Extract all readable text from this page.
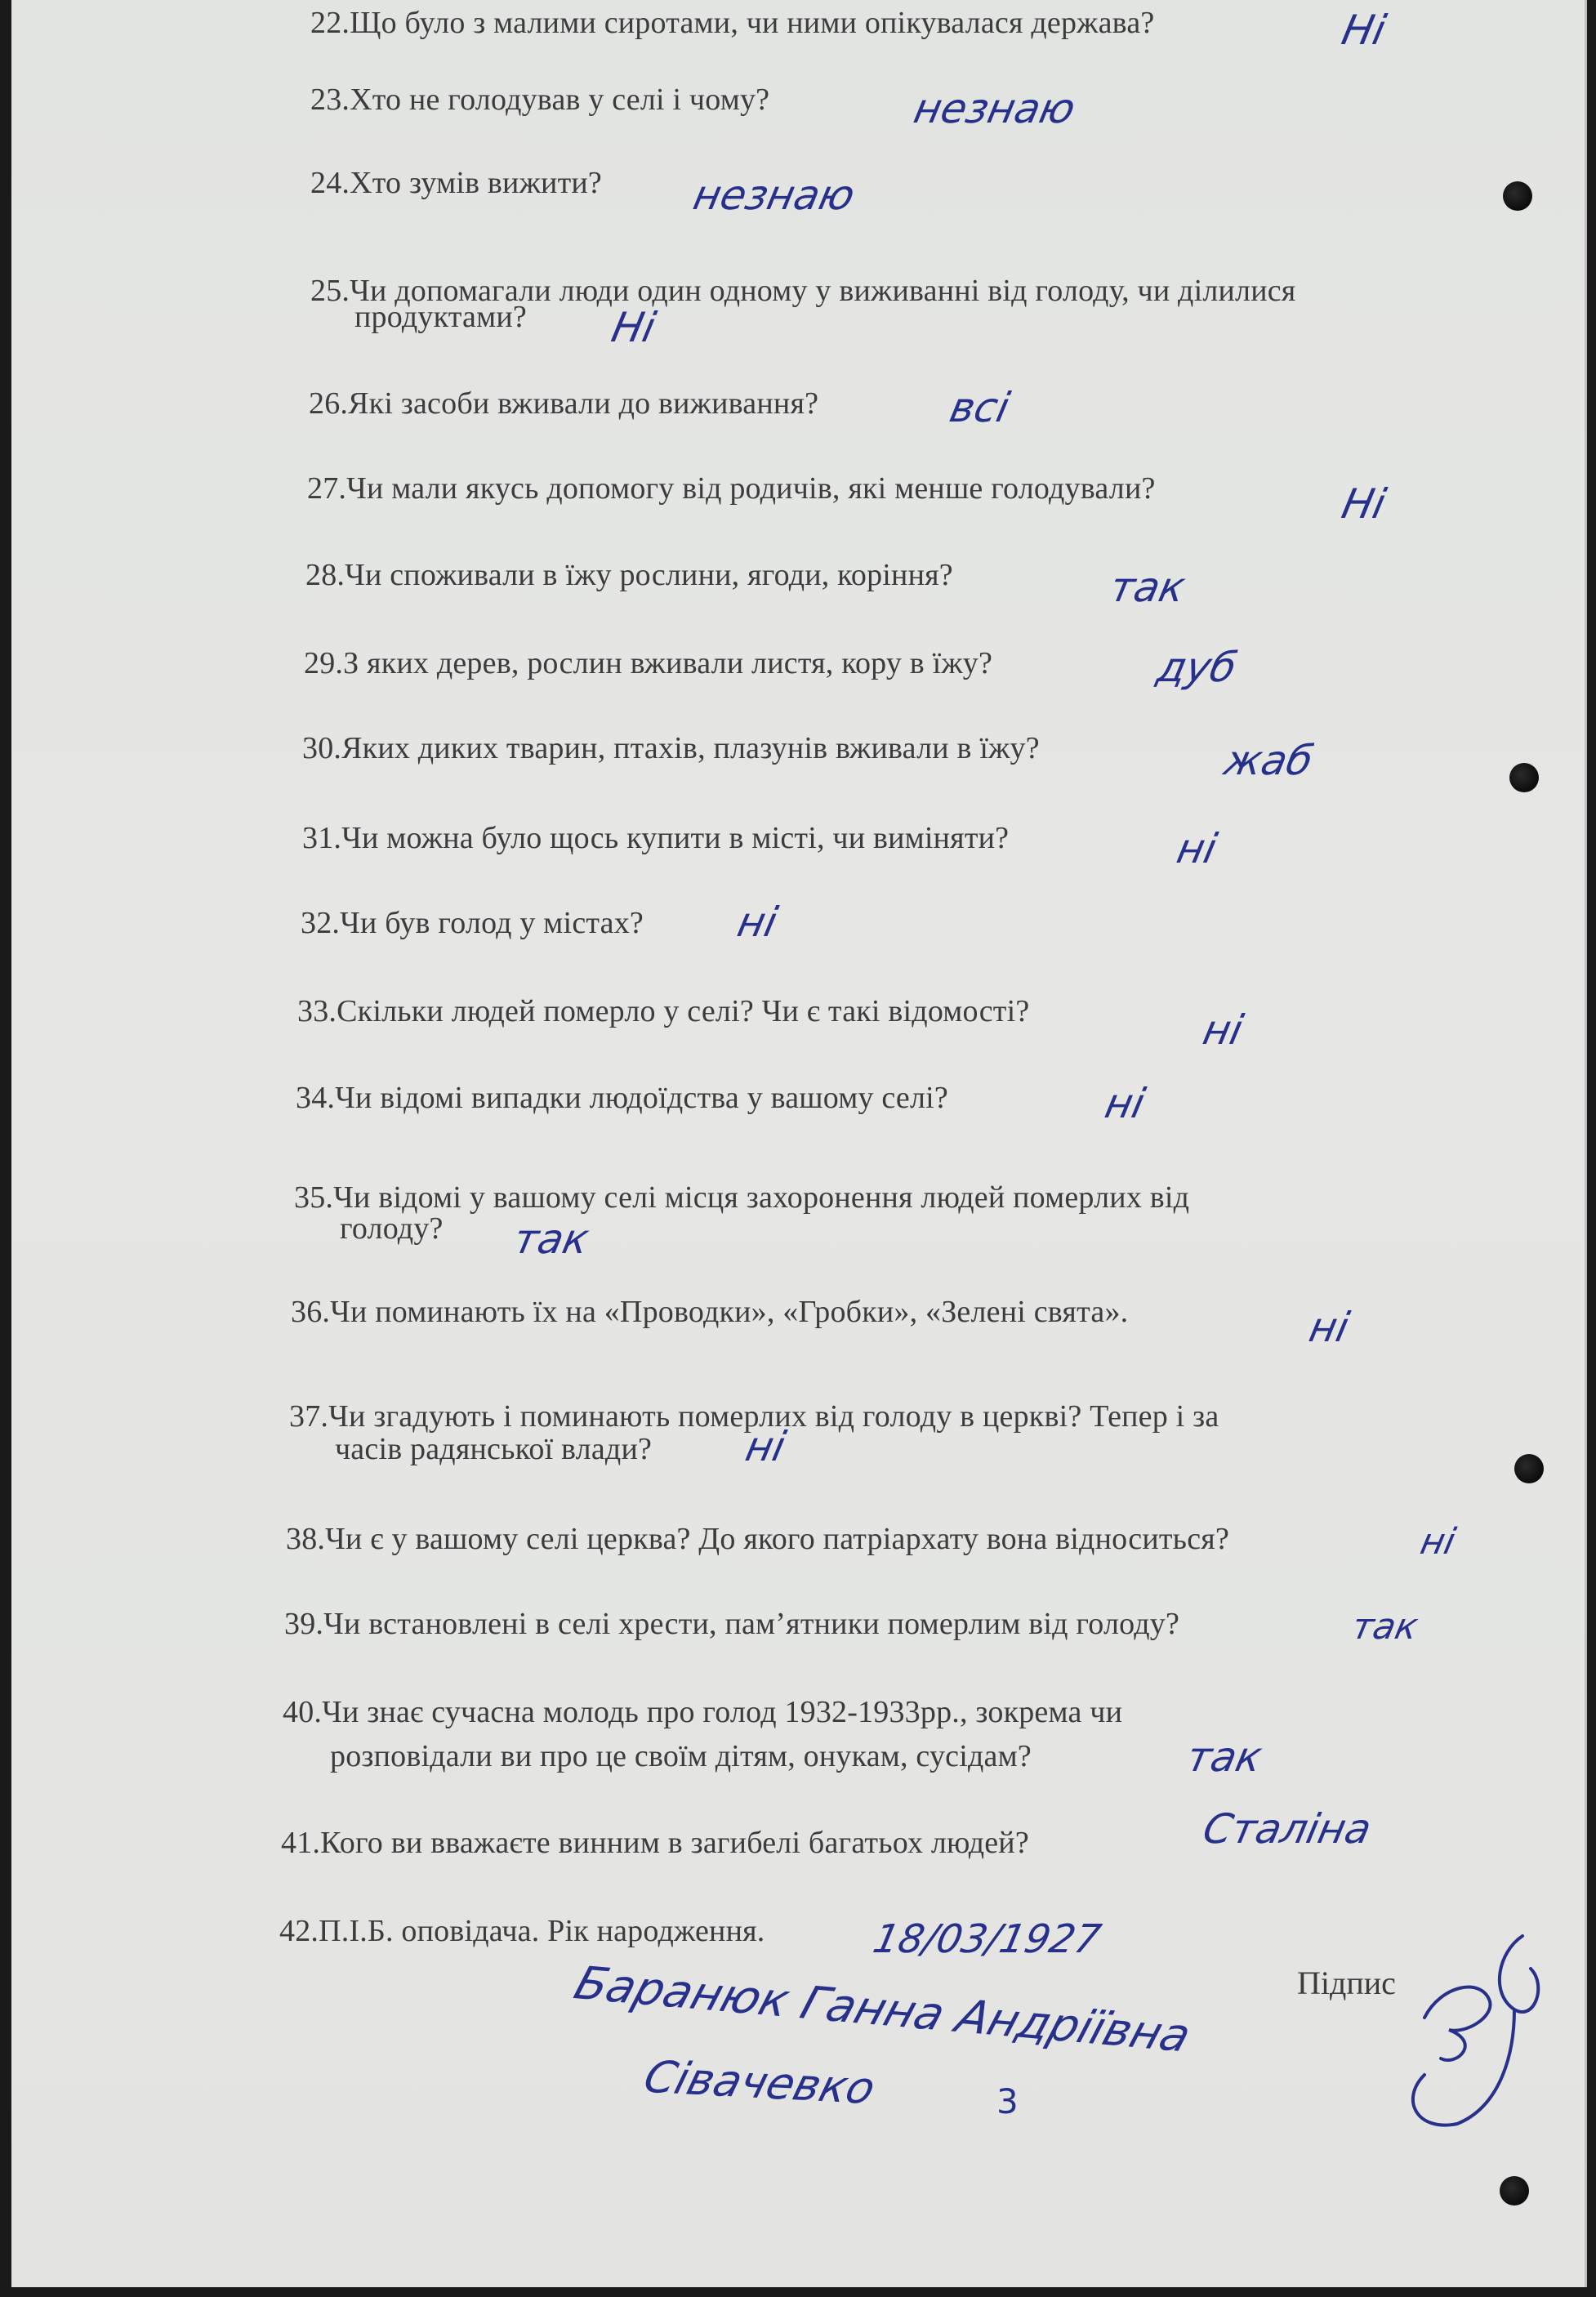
22.Що було з малими сиротами, чи ними опікувалася держава?	Ні
23.Хто не голодував у селі і чому?	незнаю
24.Хто зумів вижити? незнаю
25.Чи допомагали люди один одному у виживанні від голоду, чи ділилися
продуктами? Ні
26.Які засоби вживали до виживання?	всі
27.Чи мали якусь допомогу від родичів, які менше голодували?	Ні
28.Чи споживали в їжу рослини, ягоди, коріння?	так
29.З яких дерев, рослин вживали листя, кору в їжу?	дуб
30.Яких диких тварин, птахів, плазунів вживали в їжу?	жаб
31.Чи можна було щось купити в місті, чи виміняти?	ні
32.Чи був голод у містах? ні
33.Скільки людей померло у селі? Чи є такі відомості?	ні
34.Чи відомі випадки людоїдства у вашому селі?	ні
35.Чи відомі у вашому селі місця захоронення людей померлих від
голоду? так
36.Чи поминають їх на «Проводки», «Гробки», «Зелені свята».	ні
37.Чи згадують і поминають померлих від голоду в церкві? Тепер і за
часів радянської влади? ні
38.Чи є у вашому селі церква? До якого патріархату вона відноситься?	ні
39.Чи встановлені в селі хрести, пам’ятники померлим від голоду?	так
40.Чи знає сучасна молодь про голод 1932-1933рр., зокрема чи
розповідали ви про це своїм дітям, онукам, сусідам?	так
41.Кого ви вважаєте винним в загибелі багатьох людей?	Сталіна
42.П.І.Б. оповідача. Рік народження.	18/03/1927
Підпис
Баранюк Ганна Андріївна
Сівачевко	3
